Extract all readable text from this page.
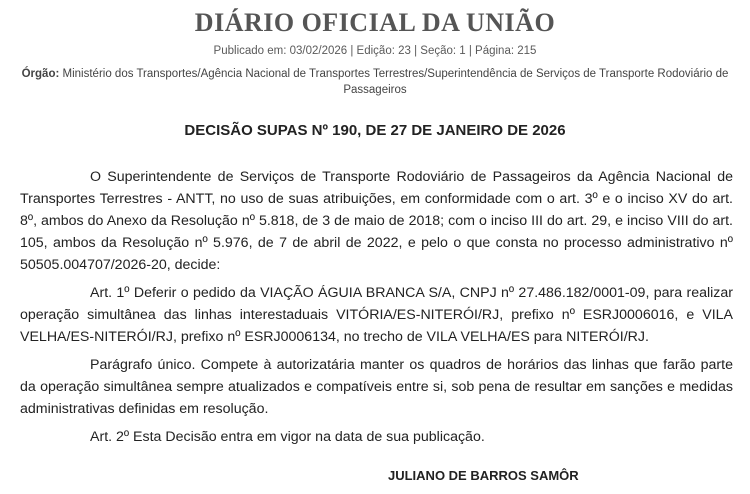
DIÁRIO OFICIAL DA UNIÃO
Publicado em: 03/02/2026 | Edição: 23 | Seção: 1 | Página: 215
Órgão: Ministério dos Transportes/Agência Nacional de Transportes Terrestres/Superintendência de Serviços de Transporte Rodoviário de Passageiros
DECISÃO SUPAS Nº 190, DE 27 DE JANEIRO DE 2026
O Superintendente de Serviços de Transporte Rodoviário de Passageiros da Agência Nacional de Transportes Terrestres - ANTT, no uso de suas atribuições, em conformidade com o art. 3º e o inciso XV do art. 8º, ambos do Anexo da Resolução nº 5.818, de 3 de maio de 2018; com o inciso III do art. 29, e inciso VIII do art. 105, ambos da Resolução nº 5.976, de 7 de abril de 2022, e pelo o que consta no processo administrativo nº 50505.004707/2026-20, decide:
Art. 1º Deferir o pedido da VIAÇÃO ÁGUIA BRANCA S/A, CNPJ nº 27.486.182/0001-09, para realizar operação simultânea das linhas interestaduais VITÓRIA/ES-NITERÓI/RJ, prefixo nº ESRJ0006016, e VILA VELHA/ES-NITERÓI/RJ, prefixo nº ESRJ0006134, no trecho de VILA VELHA/ES para NITERÓI/RJ.
Parágrafo único. Compete à autorizatária manter os quadros de horários das linhas que farão parte da operação simultânea sempre atualizados e compatíveis entre si, sob pena de resultar em sanções e medidas administrativas definidas em resolução.
Art. 2º Esta Decisão entra em vigor na data de sua publicação.
JULIANO DE BARROS SAMÔR
